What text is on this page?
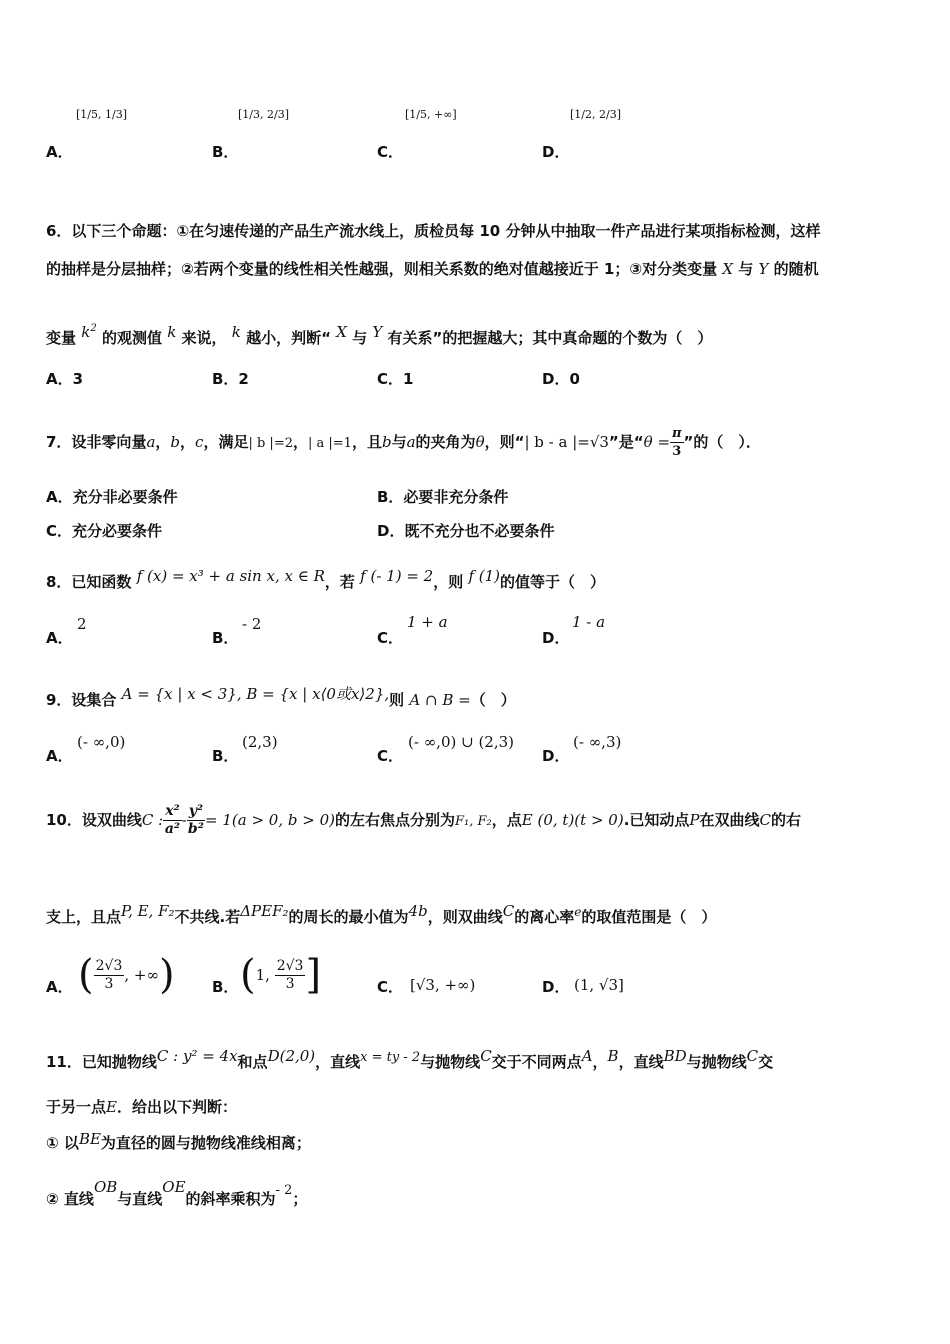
A．
[1/5, 1/3]
B．
[1/3, 2/3]
C．
[1/5, +∞]
D．
[1/2, 2/3]
6．以下三个命题：①在匀速传递的产品生产流水线上，质检员每 10 分钟从中抽取一件产品进行某项指标检测，这样
的抽样是分层抽样；②若两个变量的线性相关性越强，则相关系数的绝对值越接近于 1；③对分类变量 X 与 Y 的随机
变量 $k^2$ 的观测值 k 来说， k 越小，判断“ X 与 Y 有关系”的把握越大；其中真命题的个数为（　）
A．3	B．2	C．1	D．0
7．设非零向量a，b，c，满足| b |=2，| a |=1，且b与a的夹角为θ，则“| b - a |=√3”是“$\theta = \frac{\pi}{3}$ ”的（　）．
A．充分非必要条件	B．必要非充分条件
C．充分必要条件	D．既不充分也不必要条件
8．已知函数 f (x) = x³ + a sin x, x ∈ R，若 f (- 1) = 2，则 f (1)的值等于（　）
A．
2
B．
- 2
C．
1 + a
D．
1 - a
9．设集合 A = {x | x < 3}, B = {x | x⟨0或x⟩2},则 A ∩ B =（　）
A．
(- ∞,0)
B．
(2,3)
C．
(- ∞,0) ∪ (2,3)
D．
(- ∞,3)
10．设双曲线C : $\frac{\text{x²}}{\text{a²}} - \frac{\text{y²}}{\text{b²}} = 1(a > 0$, b > 0)的左右焦点分别为F₁, F₂，点E (0, t)(t > 0).已知动点P在双曲线C的右
支上，且点P, E, F₂不共线.若ΔPEF₂的周长的最小值为4b，则双曲线C的离心率$^e$的取值范围是（　）
A． ( $\frac{2√3}{3}$ , +∞) B． (1, $\frac{2√3}{3}$ ]	C． [√3, +∞)	D． (1, √3]
11．已知抛物线C : y² = 4x和点D(2,0)，直线x = ty - 2与抛物线C交于不同两点A，B，直线BD与抛物线C交
于另一点E．给出以下判断：
① 以BE为直径的圆与抛物线准线相离；
② 直线OB与直线OE的斜率乘积为- 2；
